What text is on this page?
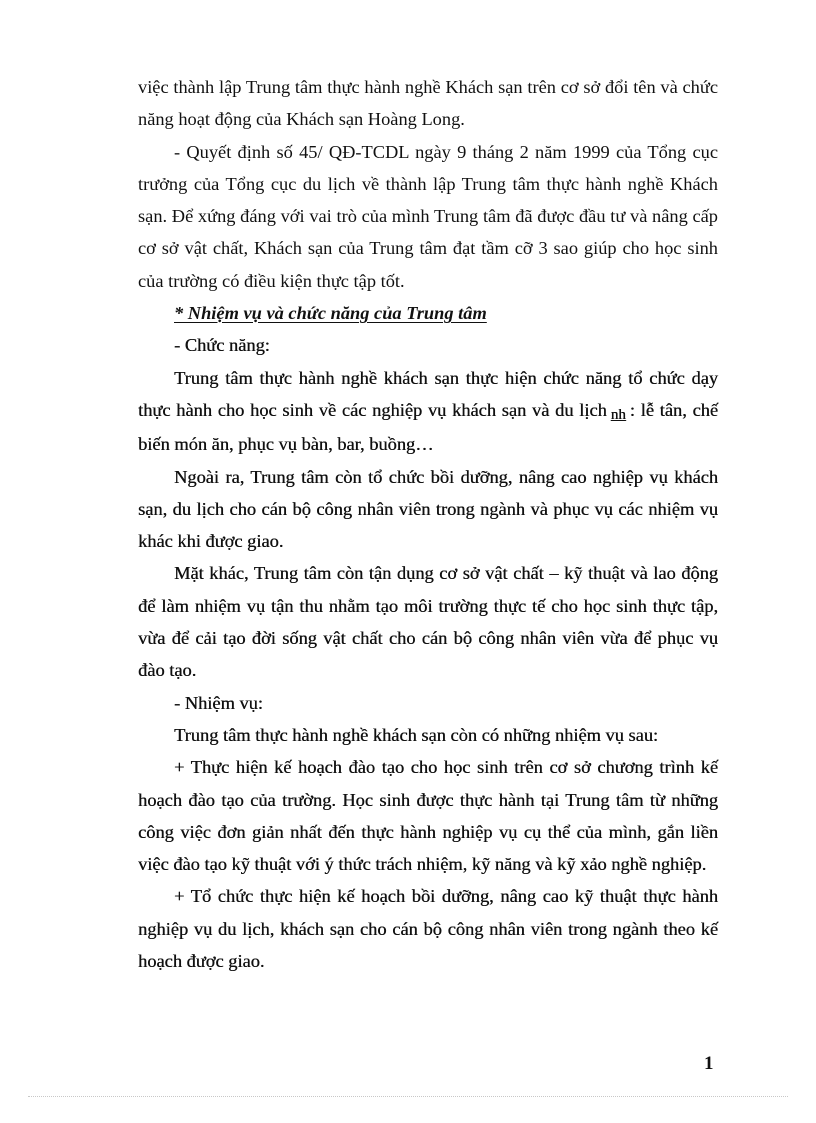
việc thành lập Trung tâm thực hành nghề Khách sạn trên cơ sở đổi tên và chức năng hoạt động của Khách sạn Hoàng Long.

- Quyết định số 45/ QĐ-TCDL ngày 9 tháng 2 năm 1999 của Tổng cục trưởng của Tổng cục du lịch về thành lập Trung tâm thực hành nghề Khách sạn. Để xứng đáng với vai trò của mình Trung tâm đã được đầu tư và nâng cấp cơ sở vật chất, Khách sạn của Trung tâm đạt tầm cỡ 3 sao giúp cho học sinh của trường có điều kiện thực tập tốt.

* Nhiệm vụ và chức năng của Trung tâm

- Chức năng:

Trung tâm thực hành nghề khách sạn thực hiện chức năng tổ chức dạy thực hành cho học sinh về các nghiệp vụ khách sạn và du lịch nh : lễ tân, chế biến món ăn, phục vụ bàn, bar, buồng…

Ngoài ra, Trung tâm còn tổ chức bồi dưỡng, nâng cao nghiệp vụ khách sạn, du lịch cho cán bộ công nhân viên trong ngành và phục vụ các nhiệm vụ khác khi được giao.

Mặt khác, Trung tâm còn tận dụng cơ sở vật chất – kỹ thuật và lao động để làm nhiệm vụ tận thu nhằm tạo môi trường thực tế cho học sinh thực tập, vừa để cải tạo đời sống vật chất cho cán bộ công nhân viên vừa để phục vụ đào tạo.

- Nhiệm vụ:

Trung tâm thực hành nghề khách sạn còn có những nhiệm vụ sau:

+ Thực hiện kế hoạch đào tạo cho học sinh trên cơ sở chương trình kế hoạch đào tạo của trường. Học sinh được thực hành tại Trung tâm từ những công việc đơn giản nhất đến thực hành nghiệp vụ cụ thể của mình, gắn liền việc đào tạo kỹ thuật với ý thức trách nhiệm, kỹ năng và kỹ xảo nghề nghiệp.

+ Tổ chức thực hiện kế hoạch bồi dưỡng, nâng cao kỹ thuật thực hành nghiệp vụ du lịch, khách sạn cho cán bộ công nhân viên trong ngành theo kế hoạch được giao.

1
